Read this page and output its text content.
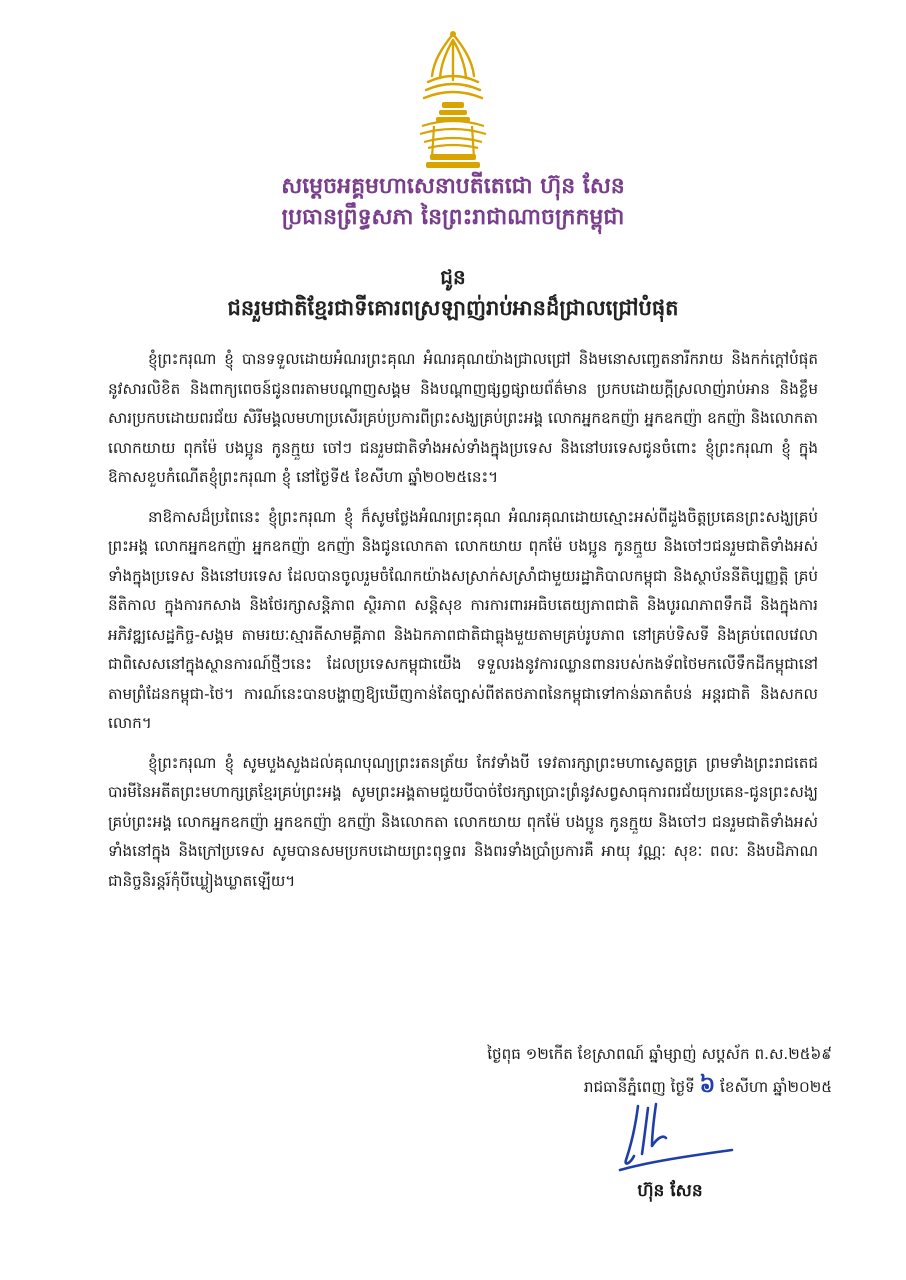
សម្តេចអគ្គមហាសេនាបតីតេជោ ហ៊ុន សែន
ប្រធានព្រឹទ្ធសភា នៃព្រះរាជាណាចក្រកម្ពុជា
ជូន
ជនរួមជាតិខ្មែរជាទីគោរពស្រឡាញ់រាប់អានដ៏ជ្រាលជ្រៅបំផុត

ខ្ញុំព្រះករុណា ខ្ញុំ បានទទួលដោយអំណរព្រះគុណ អំណរគុណយ៉ាងជ្រាលជ្រៅ និងមនោសញ្ចេតនារីករាយ និងកក់ក្តៅបំផុតនូវសារលិខិត និងពាក្យពេចន៍ជូនពរតាមបណ្តាញសង្គម និងបណ្តាញផ្សព្វផ្សាយព័ត៌មាន ប្រកបដោយក្តីស្រលាញ់រាប់អាន និងខ្លឹមសារប្រកបដោយពរជ័យ សិរីមង្គលមហាប្រសើរគ្រប់ប្រការពីព្រះសង្ឃគ្រប់ព្រះអង្គ លោកអ្នកឧកញ៉ា អ្នកឧកញ៉ា ឧកញ៉ា និងលោកតា លោកយាយ ពុកម៉ែ បងប្អូន កូនក្មួយ ចៅៗ ជនរួមជាតិទាំងអស់ទាំងក្នុងប្រទេស និងនៅបរទេសជូនចំពោះ ខ្ញុំព្រះករុណា ខ្ញុំ ក្នុងឱកាសខួបកំណើតខ្ញុំព្រះករុណា ខ្ញុំ នៅថ្ងៃទី៥ ខែសីហា ឆ្នាំ២០២៥នេះ។

នាឱកាសដ៏ប្រពៃនេះ ខ្ញុំព្រះករុណា ខ្ញុំ ក៏សូមថ្លែងអំណរព្រះគុណ អំណរគុណដោយស្មោះអស់ពីដួងចិត្តប្រគេនព្រះសង្ឃគ្រប់ព្រះអង្គ លោកអ្នកឧកញ៉ា អ្នកឧកញ៉ា ឧកញ៉ា និងជូនលោកតា លោកយាយ ពុកម៉ែ បងប្អូន កូនក្មួយ និងចៅៗជនរួមជាតិទាំងអស់ ទាំងក្នុងប្រទេស និងនៅបរទេស ដែលបានចូលរួមចំណែកយ៉ាងសស្រាក់សស្រាំជាមួយរដ្ឋាភិបាលកម្ពុជា និងស្ថាប័ននីតិប្បញ្ញត្តិ គ្រប់នីតិកាល ក្នុងការកសាង និងថែរក្សាសន្តិភាព ស្ថិរភាព សន្តិសុខ ការការពារអធិបតេយ្យភាពជាតិ និងបូរណភាពទឹកដី និងក្នុងការអភិវឌ្ឍសេដ្ឋកិច្ច-សង្គម តាមរយៈស្មារតីសាមគ្គីភាព និងឯកភាពជាតិជាធ្លុងមួយតាមគ្រប់រូបភាព នៅគ្រប់ទិសទី និងគ្រប់ពេលវេលា ជាពិសេសនៅក្នុងស្ថានការណ៍ថ្មីៗនេះ ដែលប្រទេសកម្ពុជាយើង ទទួលរងនូវការឈ្លានពានរបស់កងទ័ពថៃមកលើទឹកដីកម្ពុជានៅតាមព្រំដែនកម្ពុជា-ថៃ។ ការណ៍នេះបានបង្ហាញឱ្យឃើញកាន់តែច្បាស់ពីឥតថភាពនៃកម្ពុជាទៅកាន់ឆាកតំបន់ អន្តរជាតិ និងសកលលោក។

ខ្ញុំព្រះករុណា ខ្ញុំ សូមបួងសួងដល់គុណបុណ្យព្រះរតនត្រ័យ កែវទាំងបី ទេវតារក្សាព្រះមហាស្វេតច្ឆត្រ ព្រមទាំងព្រះរាជតេជបារមីនៃអតីតព្រះមហាក្សត្រខ្មែរគ្រប់ព្រះអង្គ សូមព្រះអង្គតាមជួយបីបាច់ថែរក្សាប្រោះព្រំនូវសព្វសាធុការពរជ័យប្រគេន-ជូនព្រះសង្ឃគ្រប់ព្រះអង្គ លោកអ្នកឧកញ៉ា អ្នកឧកញ៉ា ឧកញ៉ា និងលោកតា លោកយាយ ពុកម៉ែ បងប្អូន កូនក្មួយ និងចៅៗ ជនរួមជាតិទាំងអស់ ទាំងនៅក្នុង និងក្រៅប្រទេស សូមបានសមប្រកបដោយព្រះពុទ្ធពរ និងពរទាំងប្រាំប្រការគឺ អាយុ វណ្ណៈ សុខៈ ពលៈ និងបដិភាណ ជានិច្ចនិរន្តរ៍កុំបីឃ្លៀងឃ្លាតឡើយ។

ថ្ងៃពុធ ១២កើត ខែស្រាពណ៍ ឆ្នាំម្សាញ់ សប្តស័ក ព.ស.២៥៦៩
រាជធានីភ្នំពេញ ថ្ងៃទី ៦ ខែសីហា ឆ្នាំ២០២៥
ហ៊ុន សែន
